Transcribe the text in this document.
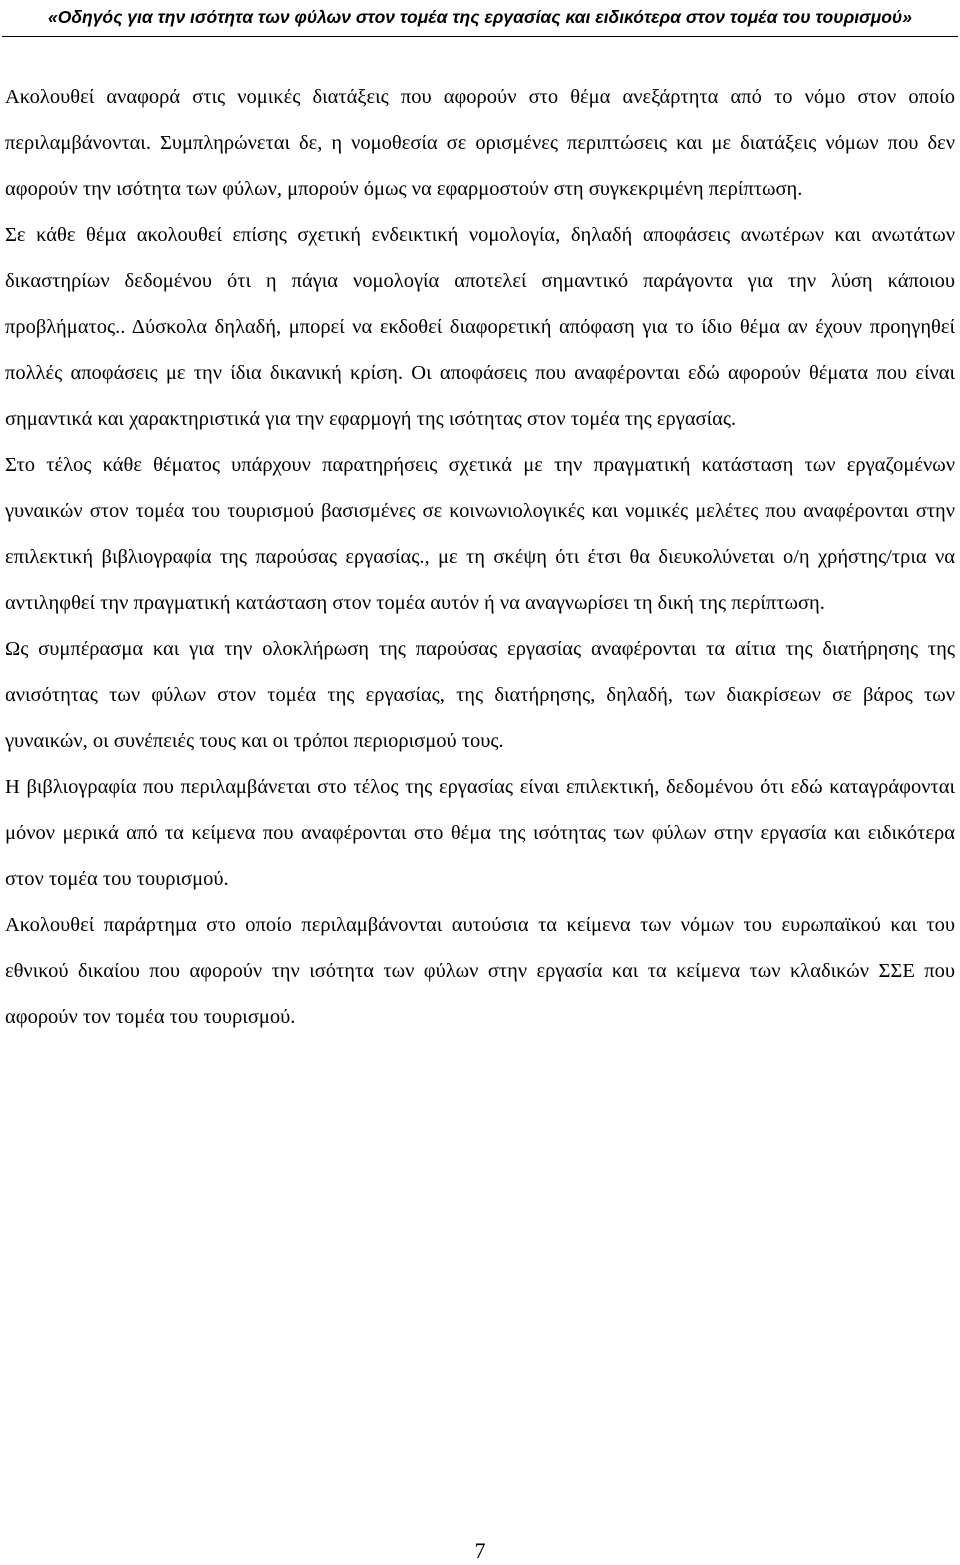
«Οδηγός για την ισότητα των φύλων στον τομέα της εργασίας και ειδικότερα στον τομέα του τουρισμού»

Ακολουθεί αναφορά στις νομικές διατάξεις που αφορούν στο θέμα ανεξάρτητα από το νόμο στον οποίο περιλαμβάνονται. Συμπληρώνεται δε, η νομοθεσία σε ορισμένες περιπτώσεις και με διατάξεις νόμων που δεν αφορούν την ισότητα των φύλων, μπορούν όμως να εφαρμοστούν στη συγκεκριμένη περίπτωση.

Σε κάθε θέμα ακολουθεί επίσης σχετική ενδεικτική νομολογία, δηλαδή αποφάσεις ανωτέρων και ανωτάτων δικαστηρίων δεδομένου ότι η πάγια νομολογία αποτελεί σημαντικό παράγοντα για την λύση κάποιου προβλήματος.. Δύσκολα δηλαδή, μπορεί να εκδοθεί διαφορετική απόφαση για το ίδιο θέμα αν έχουν προηγηθεί πολλές αποφάσεις με την ίδια δικανική κρίση. Οι αποφάσεις που αναφέρονται εδώ αφορούν θέματα που είναι σημαντικά και χαρακτηριστικά για την εφαρμογή της ισότητας στον τομέα της εργασίας.

Στο τέλος κάθε θέματος υπάρχουν παρατηρήσεις σχετικά με την πραγματική κατάσταση των εργαζομένων γυναικών στον τομέα του τουρισμού βασισμένες σε κοινωνιολογικές και νομικές μελέτες που αναφέρονται στην επιλεκτική βιβλιογραφία της παρούσας εργασίας., με τη σκέψη ότι έτσι θα διευκολύνεται ο/η χρήστης/τρια να αντιληφθεί την πραγματική κατάσταση στον τομέα αυτόν ή να αναγνωρίσει τη δική της περίπτωση.

Ως συμπέρασμα και για την ολοκλήρωση της παρούσας εργασίας αναφέρονται τα αίτια της διατήρησης της ανισότητας των φύλων στον τομέα της εργασίας, της διατήρησης, δηλαδή, των διακρίσεων σε βάρος των γυναικών, οι συνέπειές τους και οι τρόποι περιορισμού τους.

Η βιβλιογραφία που περιλαμβάνεται στο τέλος της εργασίας είναι επιλεκτική, δεδομένου ότι εδώ καταγράφονται μόνον μερικά από τα κείμενα που αναφέρονται στο θέμα της ισότητας των φύλων στην εργασία και ειδικότερα στον τομέα του τουρισμού.

Ακολουθεί παράρτημα στο οποίο περιλαμβάνονται αυτούσια τα κείμενα των νόμων του ευρωπαϊκού και του εθνικού δικαίου που αφορούν την ισότητα των φύλων στην εργασία και τα κείμενα των κλαδικών ΣΣΕ που αφορούν τον τομέα του τουρισμού.

7
